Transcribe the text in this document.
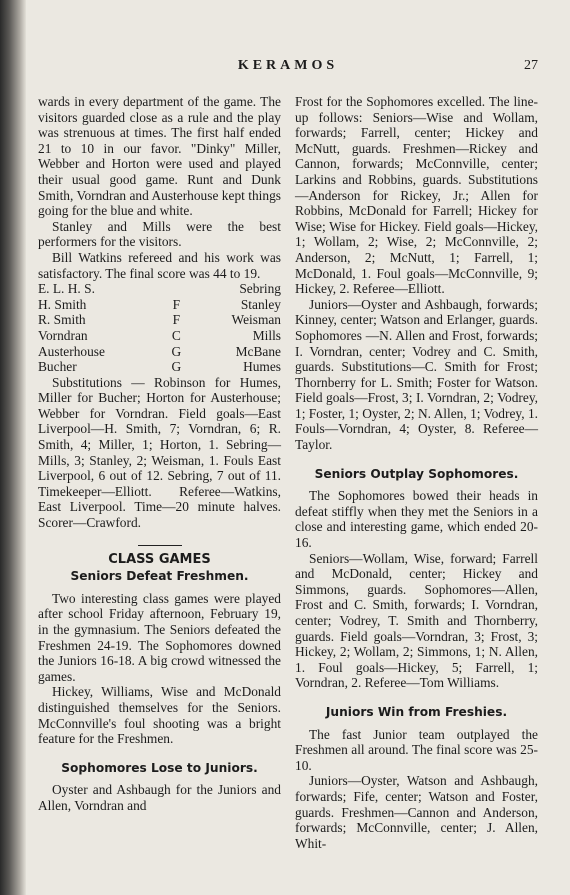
KERAMOS	27

wards in every department of the game. The visitors guarded close as a rule and the play was strenuous at times. The first half ended 21 to 10 in our favor. "Dinky" Miller, Webber and Horton were used and played their usual good game. Runt and Dunk Smith, Vorndran and Austerhouse kept things going for the blue and white.

Stanley and Mills were the best performers for the visitors.

Bill Watkins refereed and his work was satisfactory. The final score was 44 to 19.

E. L. H. S.		Sebring
H. Smith	F	Stanley
R. Smith	F	Weisman
Vorndran	C	Mills
Austerhouse	G	McBane
Bucher	G	Humes

Substitutions — Robinson for Humes, Miller for Bucher; Horton for Austerhouse; Webber for Vorndran. Field goals—East Liverpool—H. Smith, 7; Vorndran, 6; R. Smith, 4; Miller, 1; Horton, 1. Sebring—Mills, 3; Stanley, 2; Weisman, 1. Fouls East Liverpool, 6 out of 12. Sebring, 7 out of 11. Timekeeper—Elliott. Referee—Watkins, East Liverpool. Time—20 minute halves. Scorer—Crawford.

CLASS GAMES
Seniors Defeat Freshmen.

Two interesting class games were played after school Friday afternoon, February 19, in the gymnasium. The Seniors defeated the Freshmen 24-19. The Sophomores downed the Juniors 16-18. A big crowd witnessed the games.

Hickey, Williams, Wise and McDonald distinguished themselves for the Seniors. McConnville's foul shooting was a bright feature for the Freshmen.

Sophomores Lose to Juniors.

Oyster and Ashbaugh for the Juniors and Allen, Vorndran and

Frost for the Sophomores excelled. The line-up follows: Seniors—Wise and Wollam, forwards; Farrell, center; Hickey and McNutt, guards. Freshmen—Rickey and Cannon, forwards; McConnville, center; Larkins and Robbins, guards. Substitutions —Anderson for Rickey, Jr.; Allen for Robbins, McDonald for Farrell; Hickey for Wise; Wise for Hickey. Field goals—Hickey, 1; Wollam, 2; Wise, 2; McConnville, 2; Anderson, 2; McNutt, 1; Farrell, 1; McDonald, 1. Foul goals—McConnville, 9; Hickey, 2. Referee—Elliott.

Juniors—Oyster and Ashbaugh, forwards; Kinney, center; Watson and Erlanger, guards. Sophomores —N. Allen and Frost, forwards; I. Vorndran, center; Vodrey and C. Smith, guards. Substitutions—C. Smith for Frost; Thornberry for L. Smith; Foster for Watson. Field goals—Frost, 3; I. Vorndran, 2; Vodrey, 1; Foster, 1; Oyster, 2; N. Allen, 1; Vodrey, 1. Fouls—Vorndran, 4; Oyster, 8. Referee—Taylor.

Seniors Outplay Sophomores.

The Sophomores bowed their heads in defeat stiffly when they met the Seniors in a close and interesting game, which ended 20-16.

Seniors—Wollam, Wise, forward; Farrell and McDonald, center; Hickey and Simmons, guards. Sophomores—Allen, Frost and C. Smith, forwards; I. Vorndran, center; Vodrey, T. Smith and Thornberry, guards. Field goals—Vorndran, 3; Frost, 3; Hickey, 2; Wollam, 2; Simmons, 1; N. Allen, 1. Foul goals—Hickey, 5; Farrell, 1; Vorndran, 2. Referee—Tom Williams.

Juniors Win from Freshies.

The fast Junior team outplayed the Freshmen all around. The final score was 25-10.

Juniors—Oyster, Watson and Ashbaugh, forwards; Fife, center; Watson and Foster, guards. Freshmen—Cannon and Anderson, forwards; McConnville, center; J. Allen, Whit-
